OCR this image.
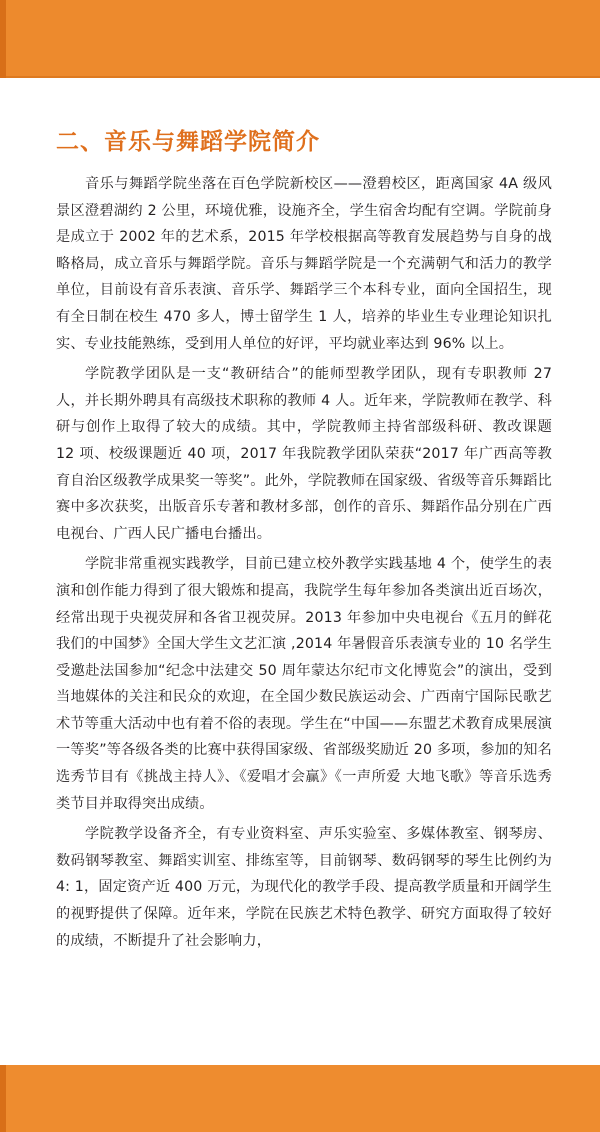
二、音乐与舞蹈学院简介

音乐与舞蹈学院坐落在百色学院新校区——澄碧校区，距离国家 4A 级风景区澄碧湖约 2 公里，环境优雅，设施齐全，学生宿舍均配有空调。学院前身是成立于 2002 年的艺术系，2015 年学校根据高等教育发展趋势与自身的战略格局，成立音乐与舞蹈学院。音乐与舞蹈学院是一个充满朝气和活力的教学单位，目前设有音乐表演、音乐学、舞蹈学三个本科专业，面向全国招生，现有全日制在校生 470 多人，博士留学生 1 人，培养的毕业生专业理论知识扎实、专业技能熟练，受到用人单位的好评，平均就业率达到 96% 以上。

学院教学团队是一支“教研结合”的能师型教学团队，现有专职教师 27 人，并长期外聘具有高级技术职称的教师 4 人。近年来，学院教师在教学、科研与创作上取得了较大的成绩。其中，学院教师主持省部级科研、教改课题 12 项、校级课题近 40 项，2017 年我院教学团队荣获“2017 年广西高等教育自治区级教学成果奖一等奖”。此外，学院教师在国家级、省级等音乐舞蹈比赛中多次获奖，出版音乐专著和教材多部，创作的音乐、舞蹈作品分别在广西电视台、广西人民广播电台播出。

学院非常重视实践教学，目前已建立校外教学实践基地 4 个，使学生的表演和创作能力得到了很大锻炼和提高，我院学生每年参加各类演出近百场次，经常出现于央视荧屏和各省卫视荧屏。2013 年参加中央电视台《五月的鲜花我们的中国梦》全国大学生文艺汇演 ,2014 年暑假音乐表演专业的 10 名学生受邀赴法国参加“纪念中法建交 50 周年蒙达尔纪市文化博览会”的演出，受到当地媒体的关注和民众的欢迎，在全国少数民族运动会、广西南宁国际民歌艺术节等重大活动中也有着不俗的表现。学生在“中国——东盟艺术教育成果展演一等奖”等各级各类的比赛中获得国家级、省部级奖励近 20 多项，参加的知名选秀节目有《挑战主持人》、《爱唱才会赢》《一声所爱 大地飞歌》等音乐选秀类节目并取得突出成绩。

学院教学设备齐全，有专业资料室、声乐实验室、多媒体教室、钢琴房、数码钢琴教室、舞蹈实训室、排练室等，目前钢琴、数码钢琴的琴生比例约为 4: 1，固定资产近 400 万元，为现代化的教学手段、提高教学质量和开阔学生的视野提供了保障。近年来，学院在民族艺术特色教学、研究方面取得了较好的成绩，不断提升了社会影响力，
